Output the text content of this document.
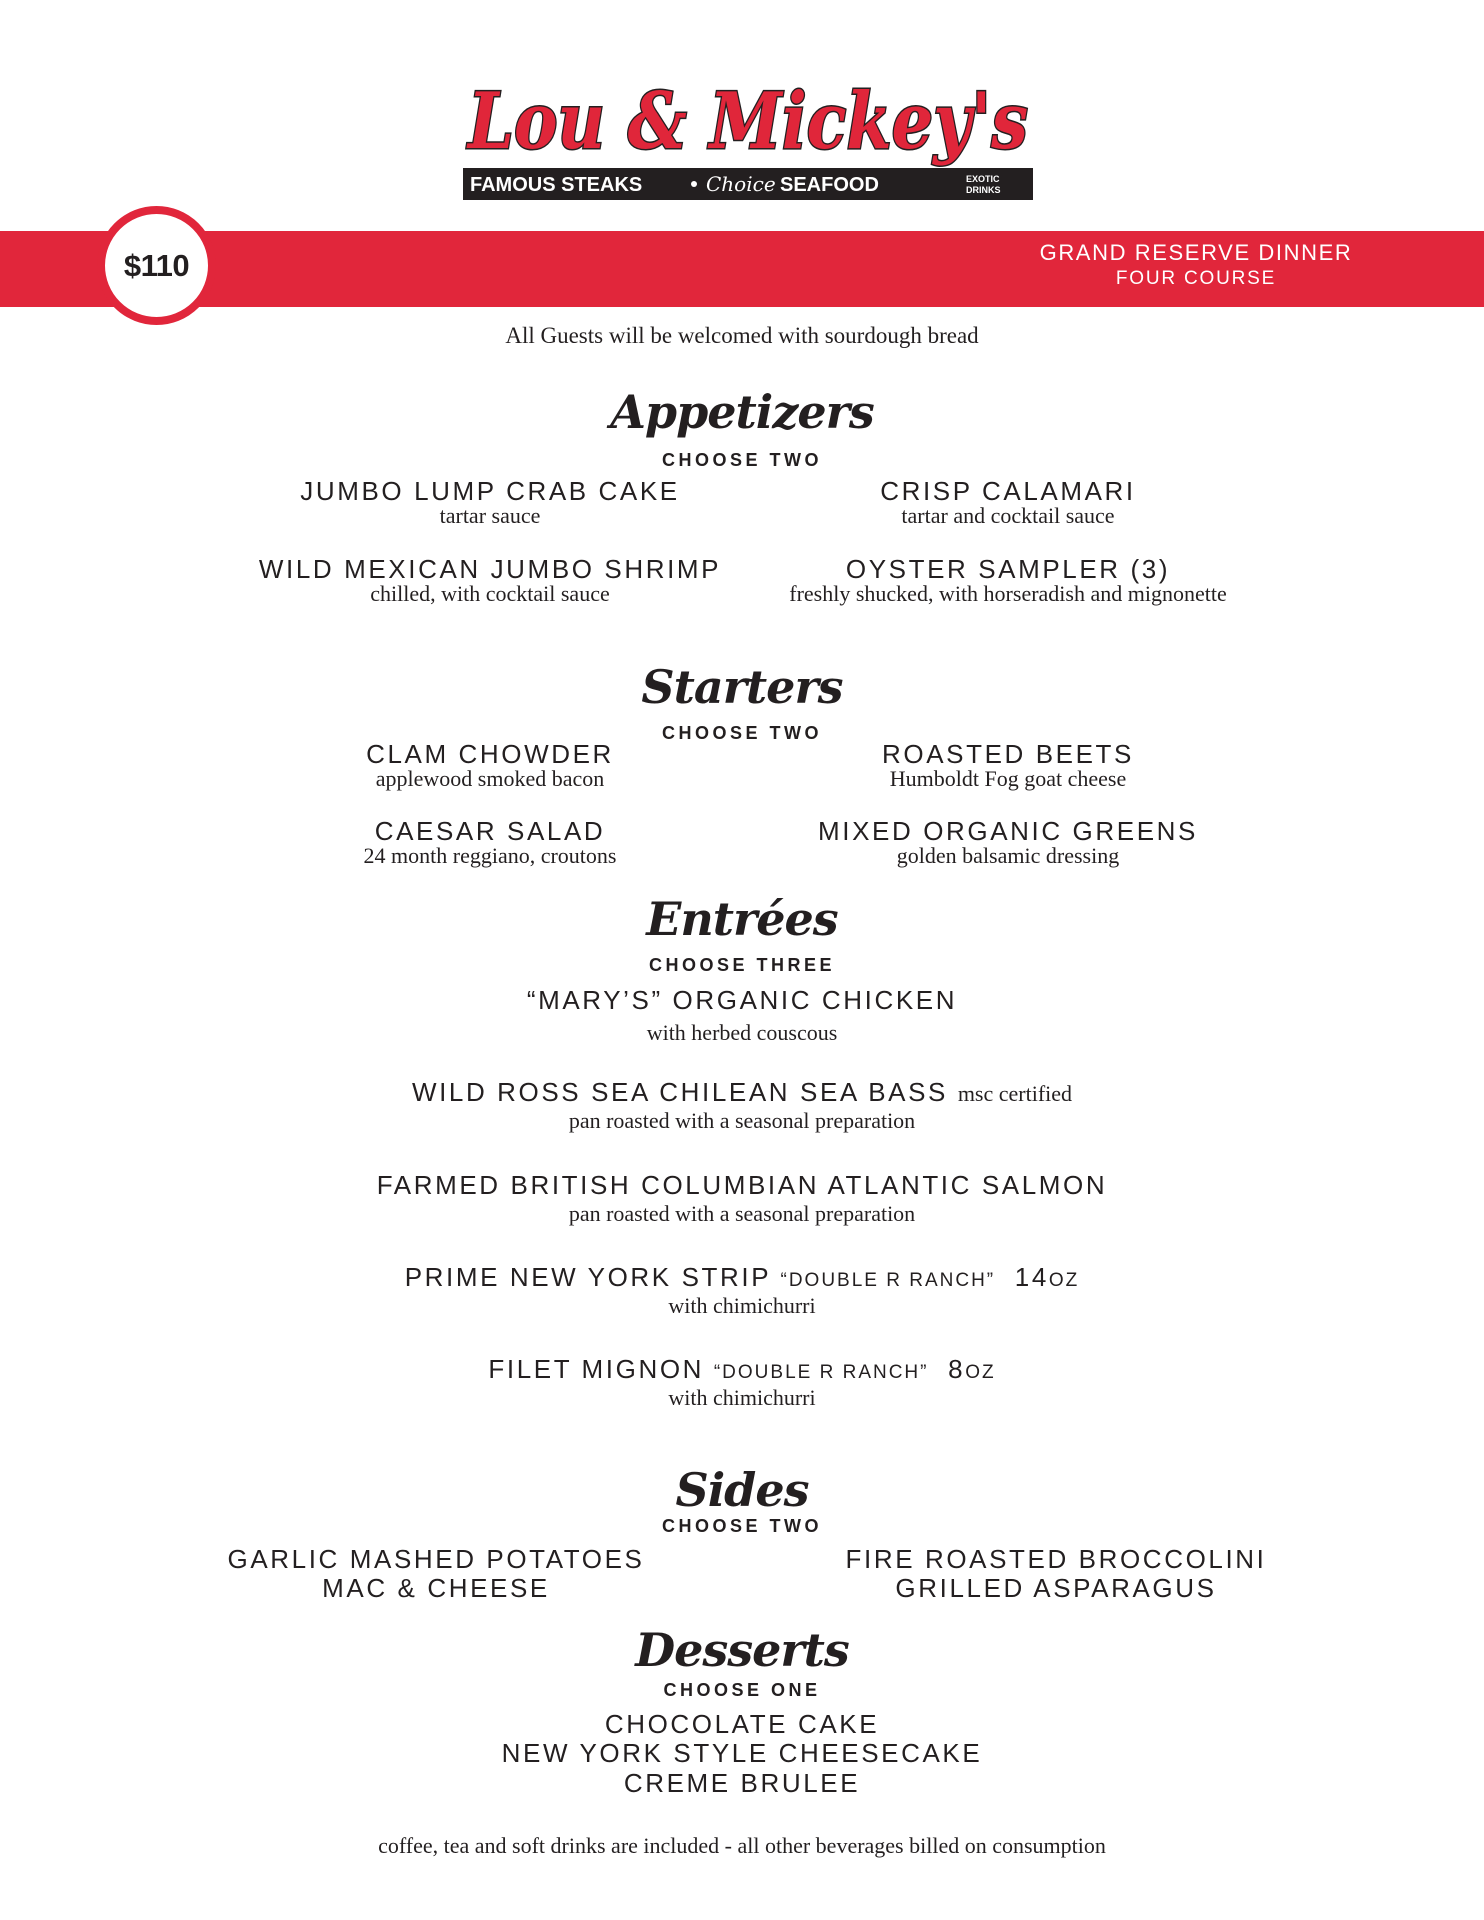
Lou & Mickey's
FAMOUS STEAKS	Choice SEAFOOD	EXOTIC
DRINKS
$110	GRAND RESERVE DINNER
FOUR COURSE
All Guests will be welcomed with sourdough bread
Appetizers
CHOOSE TWO
JUMBO LUMP CRAB CAKE
tartar sauce
CRISP CALAMARI
tartar and cocktail sauce
WILD MEXICAN JUMBO SHRIMP
chilled, with cocktail sauce
OYSTER SAMPLER (3)
freshly shucked, with horseradish and mignonette
Starters
CHOOSE TWO
CLAM CHOWDER
applewood smoked bacon
ROASTED BEETS
Humboldt Fog goat cheese
CAESAR SALAD
24 month reggiano, croutons
MIXED ORGANIC GREENS
golden balsamic dressing
Entrées
CHOOSE THREE
“MARY’S” ORGANIC CHICKEN
with herbed couscous
WILD ROSS SEA CHILEAN SEA BASS msc certified
pan roasted with a seasonal preparation
FARMED BRITISH COLUMBIAN ATLANTIC SALMON
pan roasted with a seasonal preparation
PRIME NEW YORK STRIP “DOUBLE R RANCH” 14OZ
with chimichurri
FILET MIGNON “DOUBLE R RANCH” 8OZ
with chimichurri
Sides
CHOOSE TWO
GARLIC MASHED POTATOES	FIRE ROASTED BROCCOLINI
MAC & CHEESE	GRILLED ASPARAGUS
Desserts
CHOOSE ONE
CHOCOLATE CAKE
NEW YORK STYLE CHEESECAKE
CREME BRULEE
coffee, tea and soft drinks are included - all other beverages billed on consumption
